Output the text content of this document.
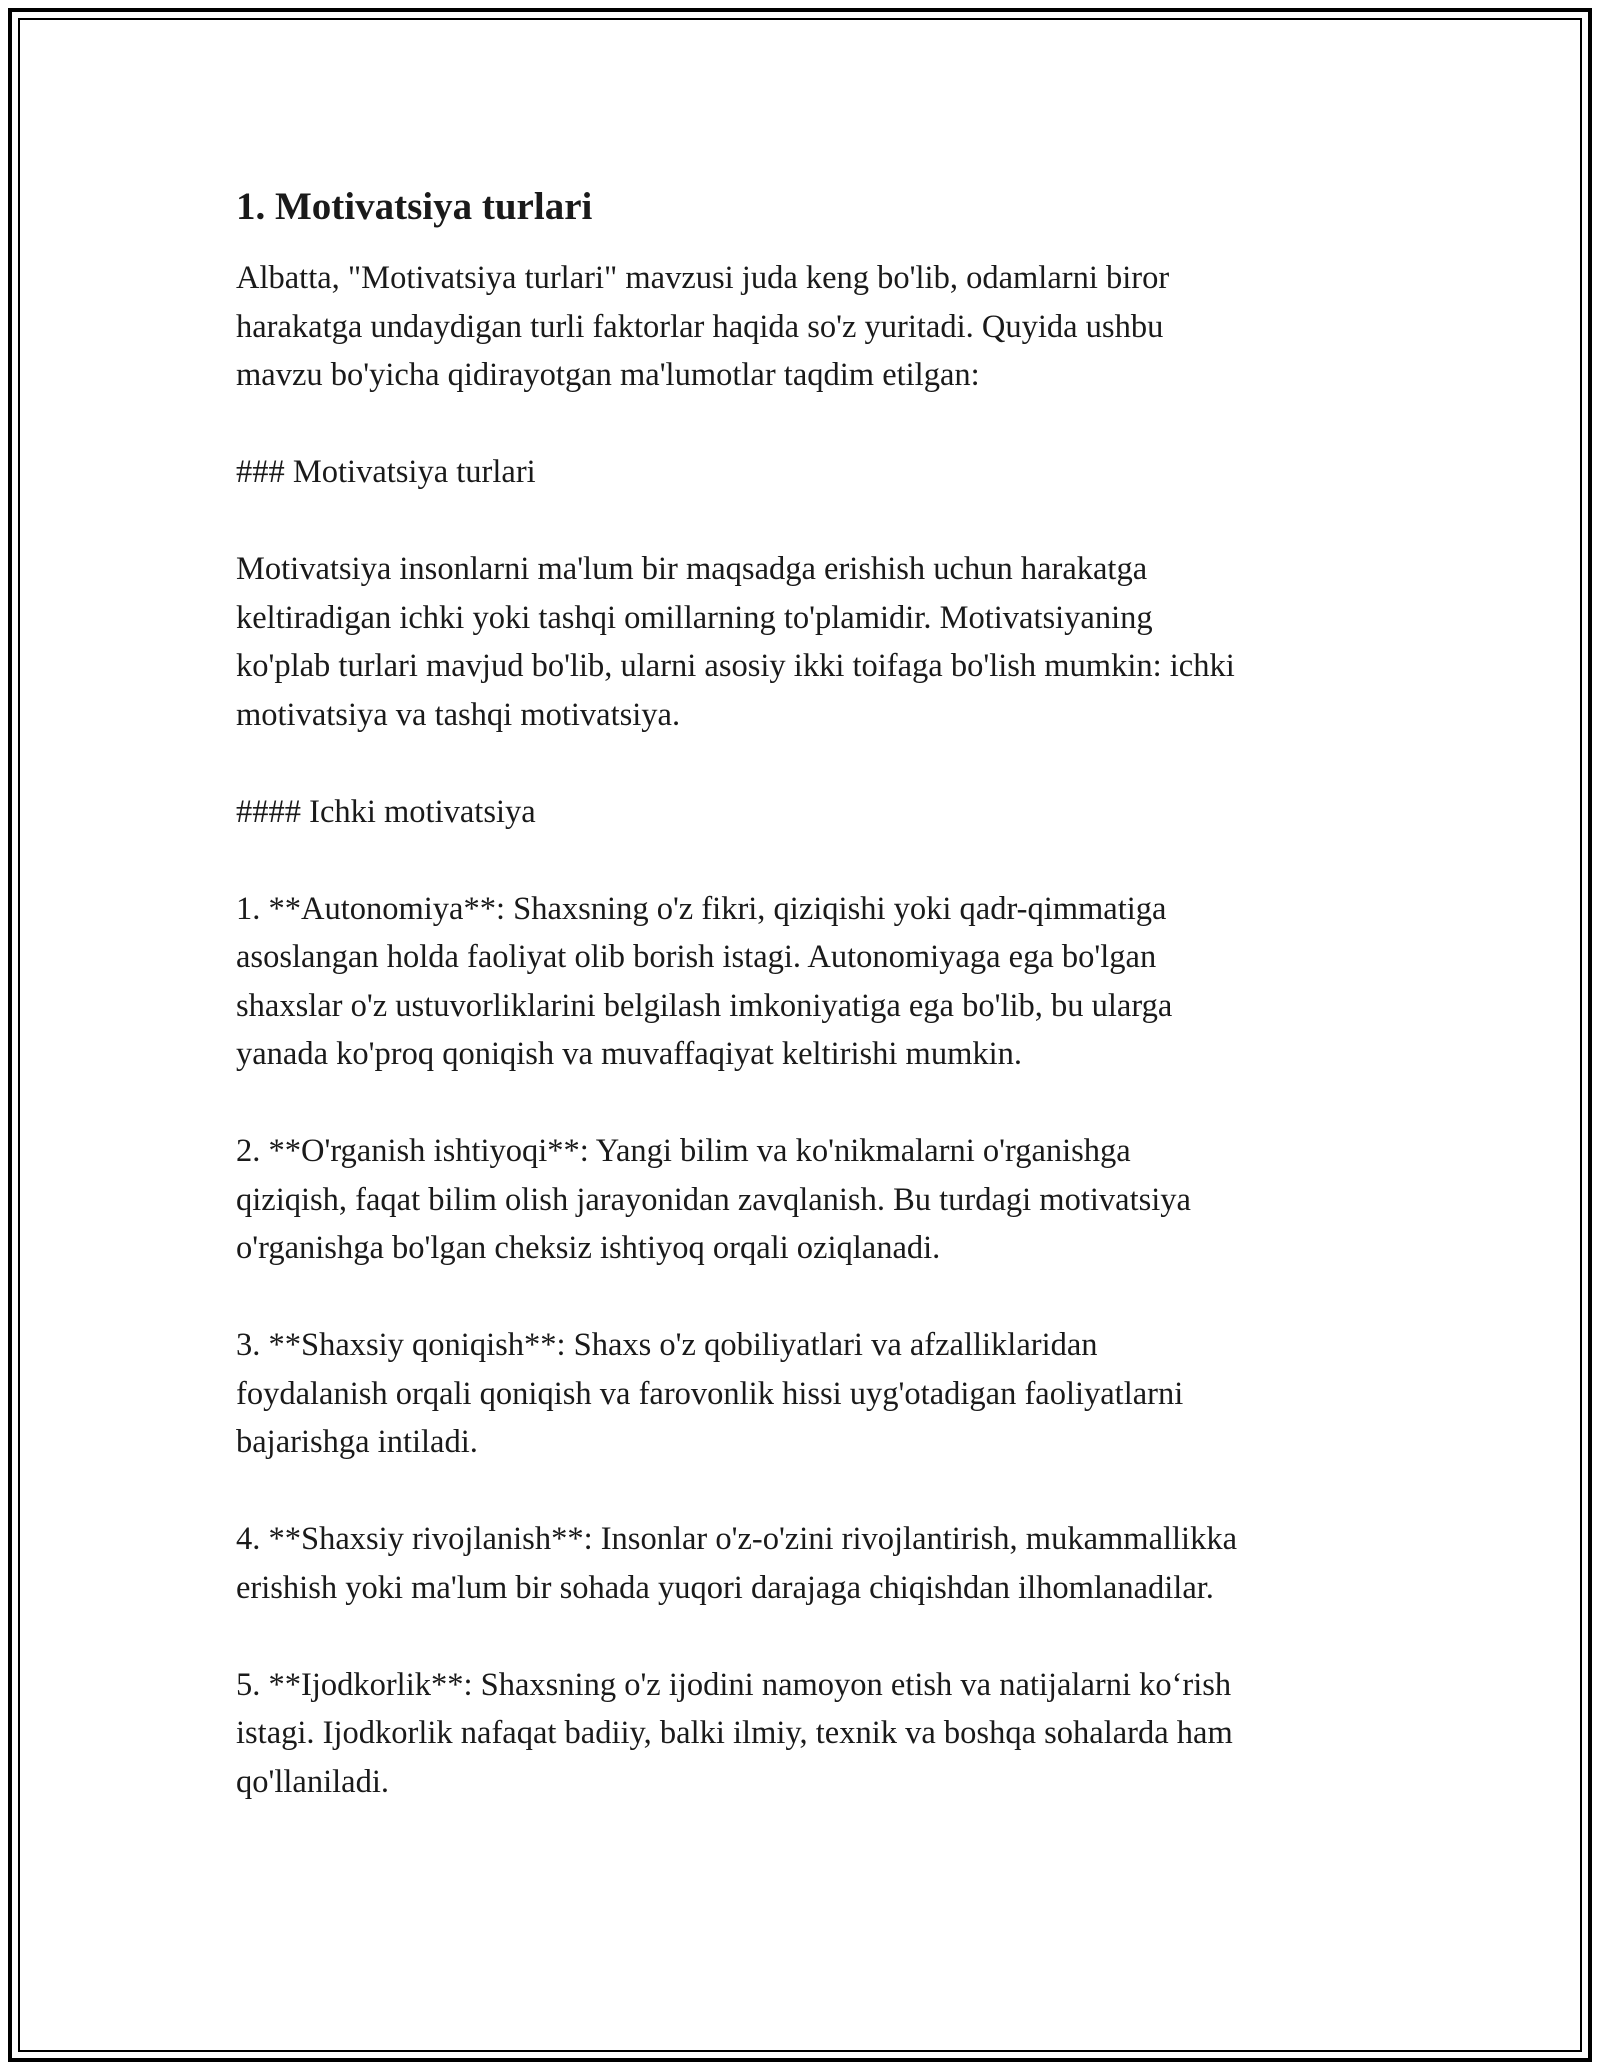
1. Motivatsiya turlari

Albatta, "Motivatsiya turlari" mavzusi juda keng bo'lib, odamlarni biror
harakatga undaydigan turli faktorlar haqida so'z yuritadi. Quyida ushbu
mavzu bo'yicha qidirayotgan ma'lumotlar taqdim etilgan:

### Motivatsiya turlari

Motivatsiya insonlarni ma'lum bir maqsadga erishish uchun harakatga
keltiradigan ichki yoki tashqi omillarning to'plamidir. Motivatsiyaning
ko'plab turlari mavjud bo'lib, ularni asosiy ikki toifaga bo'lish mumkin: ichki
motivatsiya va tashqi motivatsiya.

#### Ichki motivatsiya

1. **Autonomiya**: Shaxsning o'z fikri, qiziqishi yoki qadr-qimmatiga
asoslangan holda faoliyat olib borish istagi. Autonomiyaga ega bo'lgan
shaxslar o'z ustuvorliklarini belgilash imkoniyatiga ega bo'lib, bu ularga
yanada ko'proq qoniqish va muvaffaqiyat keltirishi mumkin.

2. **O'rganish ishtiyoqi**: Yangi bilim va ko'nikmalarni o'rganishga
qiziqish, faqat bilim olish jarayonidan zavqlanish. Bu turdagi motivatsiya
o'rganishga bo'lgan cheksiz ishtiyoq orqali oziqlanadi.

3. **Shaxsiy qoniqish**: Shaxs o'z qobiliyatlari va afzalliklaridan
foydalanish orqali qoniqish va farovonlik hissi uyg'otadigan faoliyatlarni
bajarishga intiladi.

4. **Shaxsiy rivojlanish**: Insonlar o'z-o'zini rivojlantirish, mukammallikka
erishish yoki ma'lum bir sohada yuqori darajaga chiqishdan ilhomlanadilar.

5. **Ijodkorlik**: Shaxsning o'z ijodini namoyon etish va natijalarni ko‘rish
istagi. Ijodkorlik nafaqat badiiy, balki ilmiy, texnik va boshqa sohalarda ham
qo'llaniladi.
